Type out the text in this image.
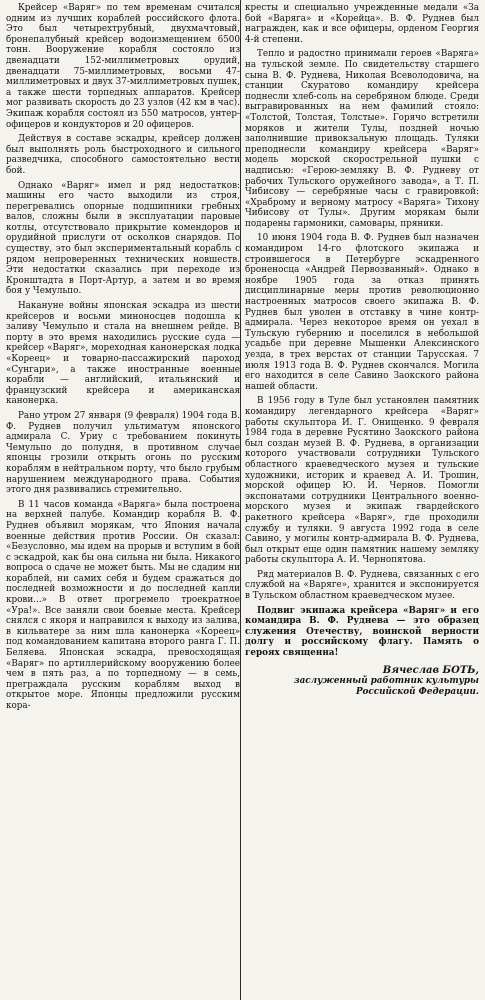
Крейсер «Варяг» по тем временам считался одним из лучших кораблей российского флота. Это был четырехтрубный, двухмачтовый, бронепалубный крейсер водоизмещением 6500 тонн. Вооружение корабля состояло из двенадцати 152-миллиметровых орудий, двенадцати 75-миллиметровых, восьми 47-миллиметровых и двух 37-миллиметровых пушек, а также шести торпедных аппаратов. Крейсер мог развивать скорость до 23 узлов (42 км в час). Экипаж корабля состоял из 550 матросов, унтер-офицеров и кондукторов и 20 офицеров.

Действуя в составе эскадры, крейсер должен был выполнять роль быстроходного и сильного разведчика, способного самостоятельно вести бой.

Однако «Варяг» имел и ряд недостатков: машины его часто выходили из строя, перегревались опорные подшипники гребных валов, сложны были в эксплуатации паровые котлы, отсутствовало прикрытие комендоров и орудийной прислуги от осколков снарядов. По существу, это был экспериментальный корабль с рядом непроверенных технических новшеств. Эти недостатки сказались при переходе из Кронштадта в Порт-Артур, а затем и во время боя у Чемульпо.

Накануне войны японская эскадра из шести крейсеров и восьми миноносцев подошла к заливу Чемульпо и стала на внешнем рейде. В порту в это время находились русские суда — крейсер «Варяг», мореходная канонерская лодка «Кореец» и товарно-пассажирский пароход «Сунгари», а также иностранные военные корабли — английский, итальянский и французский крейсера и американская канонерка.

Рано утром 27 января (9 февраля) 1904 года В. Ф. Руднев получил ультиматум японского адмирала С. Уриу с требованием покинуть Чемульпо до полудня, в противном случае японцы грозили открыть огонь по русским кораблям в нейтральном порту, что было грубым нарушением международного права. События этого дня развивались стремительно.

В 11 часов команда «Варяга» была построена на верхней палубе. Командир корабля В. Ф. Руднев объявил морякам, что Япония начала военные действия против России. Он сказал: «Безусловно, мы идем на прорыв и вступим в бой с эскадрой, как бы она сильна ни была. Никакого вопроса о сдаче не может быть. Мы не сдадим ни кораблей, ни самих себя и будем сражаться до последней возможности и до последней капли крови...» В ответ прогремело троекратное «Ура!». Все заняли свои боевые места. Крейсер снялся с якоря и направился к выходу из залива, в кильватере за ним шла канонерка «Кореец» под командованием капитана второго ранга Г. П. Беляева. Японская эскадра, превосходящая «Варяг» по артиллерийскому вооружению более чем в пять раз, а по торпедному — в семь, преграждала русским кораблям выход в открытое море. Японцы предложили русским кора-

кресты и специально учрежденные медали «За бой «Варяга» и «Корейца». В. Ф. Руднев был награжден, как и все офицеры, орденом Георгия 4-й степени.

Тепло и радостно принимали героев «Варяга» на тульской земле. По свидетельству старшего сына В. Ф. Руднева, Николая Всеволодовича, на станции Скуратово командиру крейсера поднесли хлеб-соль на серебряном блюде. Среди выгравированных на нем фамилий стояло: «Толстой, Толстая, Толстые». Горячо встретили моряков и жители Тулы, поздней ночью заполнившие привокзальную площадь. Туляки преподнесли командиру крейсера «Варяг» модель морской скорострельной пушки с надписью: «Герою-земляку В. Ф. Рудневу от рабочих Тульского оружейного завода», а Т. П. Чибисову — серебряные часы с гравировкой: «Храброму и верному матросу «Варяга» Тихону Чибисову от Тулы». Другим морякам были подарены гармоники, самовары, пряники.

10 июня 1904 года В. Ф. Руднев был назначен командиром 14-го флотского экипажа и строившегося в Петербурге эскадренного броненосца «Андрей Первозванный». Однако в ноябре 1905 года за отказ принять дисциплинарные меры против революционно настроенных матросов своего экипажа В. Ф. Руднев был уволен в отставку в чине контр-адмирала. Через некоторое время он уехал в Тульскую губернию и поселился в небольшой усадьбе при деревне Мышенки Алексинского уезда, в трех верстах от станции Тарусская. 7 июля 1913 года В. Ф. Руднев скончался. Могила его находится в селе Савино Заокского района нашей области.

В 1956 году в Туле был установлен памятник командиру легендарного крейсера «Варяг» работы скульптора И. Г. Онищенко. 9 февраля 1984 года в деревне Русятино Заокского района был создан музей В. Ф. Руднева, в организации которого участвовали сотрудники Тульского областного краеведческого музея и тульские художники, историк и краевед А. И. Трошин, морской офицер Ю. И. Чернов. Помогли экспонатами сотрудники Центрального военно-морского музея и экипаж гвардейского ракетного крейсера «Варяг», где проходили службу и туляки. 9 августа 1992 года в селе Савино, у могилы контр-адмирала В. Ф. Руднева, был открыт еще один памятник нашему земляку работы скульптора А. И. Чернопятова.

Ряд материалов В. Ф. Руднева, связанных с его службой на «Варяге», хранится и экспонируется в Тульском областном краеведческом музее.

Подвиг экипажа крейсера «Варяг» и его командира В. Ф. Руднева — это образец служения Отечеству, воинской верности долгу и российскому флагу. Память о героях священна!

Вячеслав БОТЬ,
заслуженный работник культуры
Российской Федерации.
